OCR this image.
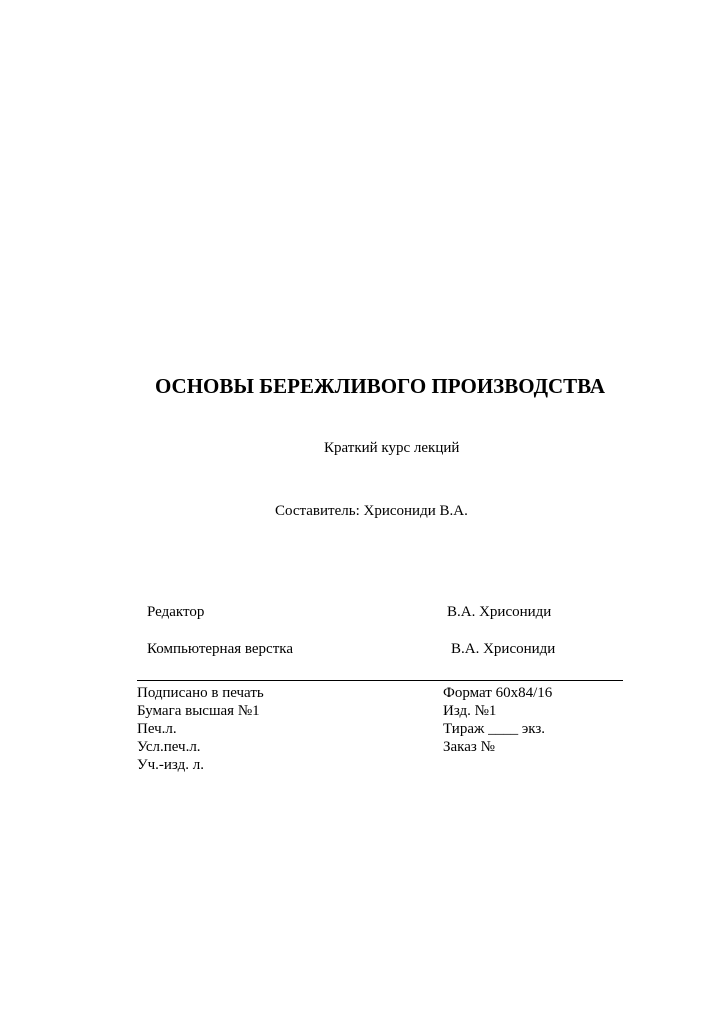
ОСНОВЫ БЕРЕЖЛИВОГО ПРОИЗВОДСТВА
Краткий курс лекций
Составитель: Хрисониди В.А.
Редактор	В.А. Хрисониди
Компьютерная верстка	В.А. Хрисониди
Подписано в печать
Бумага высшая №1
Печ.л.
Усл.печ.л.
Уч.-изд. л.
Формат 60х84/16
Изд. №1
Тираж ____ экз.
Заказ №
